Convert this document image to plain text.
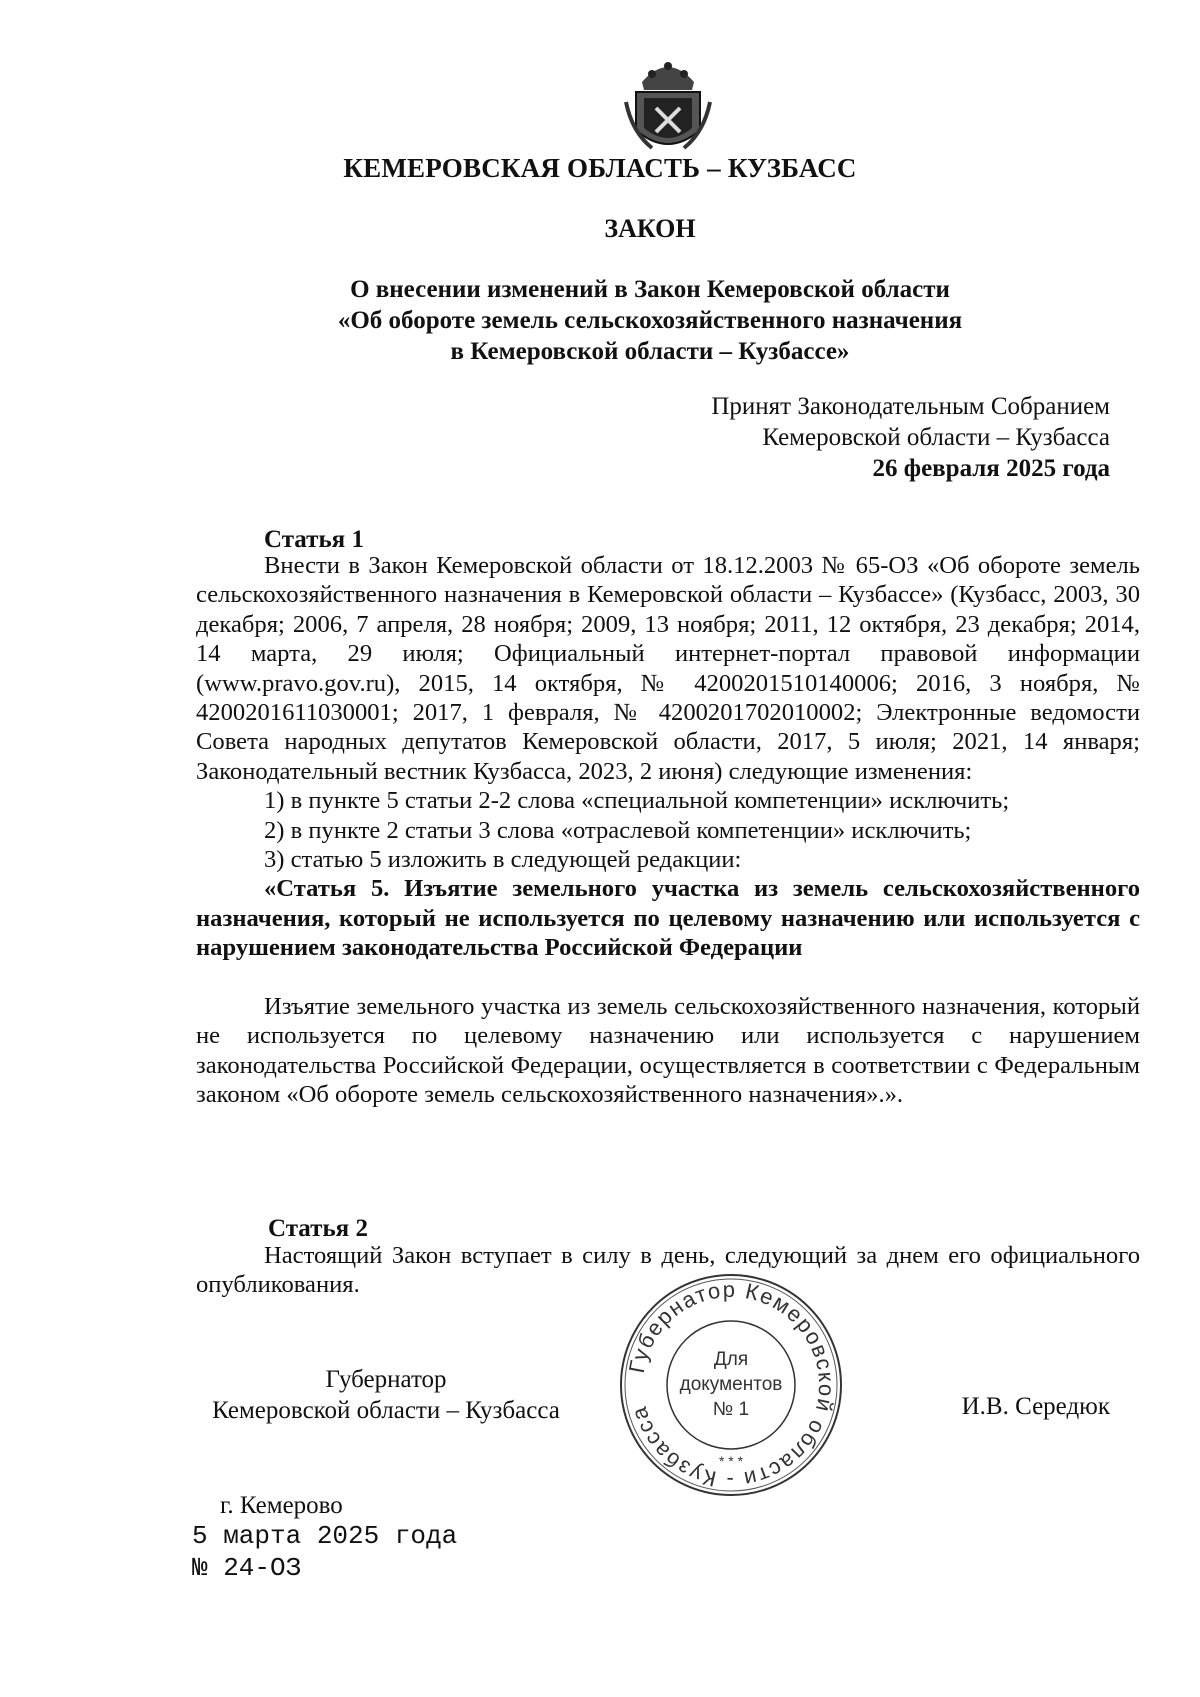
КЕМЕРОВСКАЯ ОБЛАСТЬ – КУЗБАСС
ЗАКОН
О внесении изменений в Закон Кемеровской области
«Об обороте земель сельскохозяйственного назначения
в Кемеровской области – Кузбассе»
Принят Законодательным Собранием
Кемеровской области – Кузбасса
26 февраля 2025 года
Статья 1
Внести в Закон Кемеровской области от 18.12.2003 № 65-ОЗ «Об обороте земель сельскохозяйственного назначения в Кемеровской области – Кузбассе» (Кузбасс, 2003, 30 декабря; 2006, 7 апреля, 28 ноября; 2009, 13 ноября; 2011, 12 октября, 23 декабря; 2014, 14 марта, 29 июля; Официальный интернет-портал правовой информации (www.pravo.gov.ru), 2015, 14 октября, № 4200201510140006; 2016, 3 ноября, № 4200201611030001; 2017, 1 февраля, № 4200201702010002; Электронные ведомости Совета народных депутатов Кемеровской области, 2017, 5 июля; 2021, 14 января; Законодательный вестник Кузбасса, 2023, 2 июня) следующие изменения:
1) в пункте 5 статьи 2-2 слова «специальной компетенции» исключить;
2) в пункте 2 статьи 3 слова «отраслевой компетенции» исключить;
3) статью 5 изложить в следующей редакции:
«Статья 5. Изъятие земельного участка из земель сельскохозяйственного назначения, который не используется по целевому назначению или используется с нарушением законодательства Российской Федерации
Изъятие земельного участка из земель сельскохозяйственного назначения, который не используется по целевому назначению или используется с нарушением законодательства Российской Федерации, осуществляется в соответствии с Федеральным законом «Об обороте земель сельскохозяйственного назначения».».
Статья 2
Настоящий Закон вступает в силу в день, следующий за днем его официального опубликования.
Губернатор
Кемеровской области – Кузбасса	И.В. Середюк
Губернатор Кемеровской области - Кузбасса
Для
документов
№ 1
* * *
г. Кемерово
5 марта 2025 года
№ 24-ОЗ
